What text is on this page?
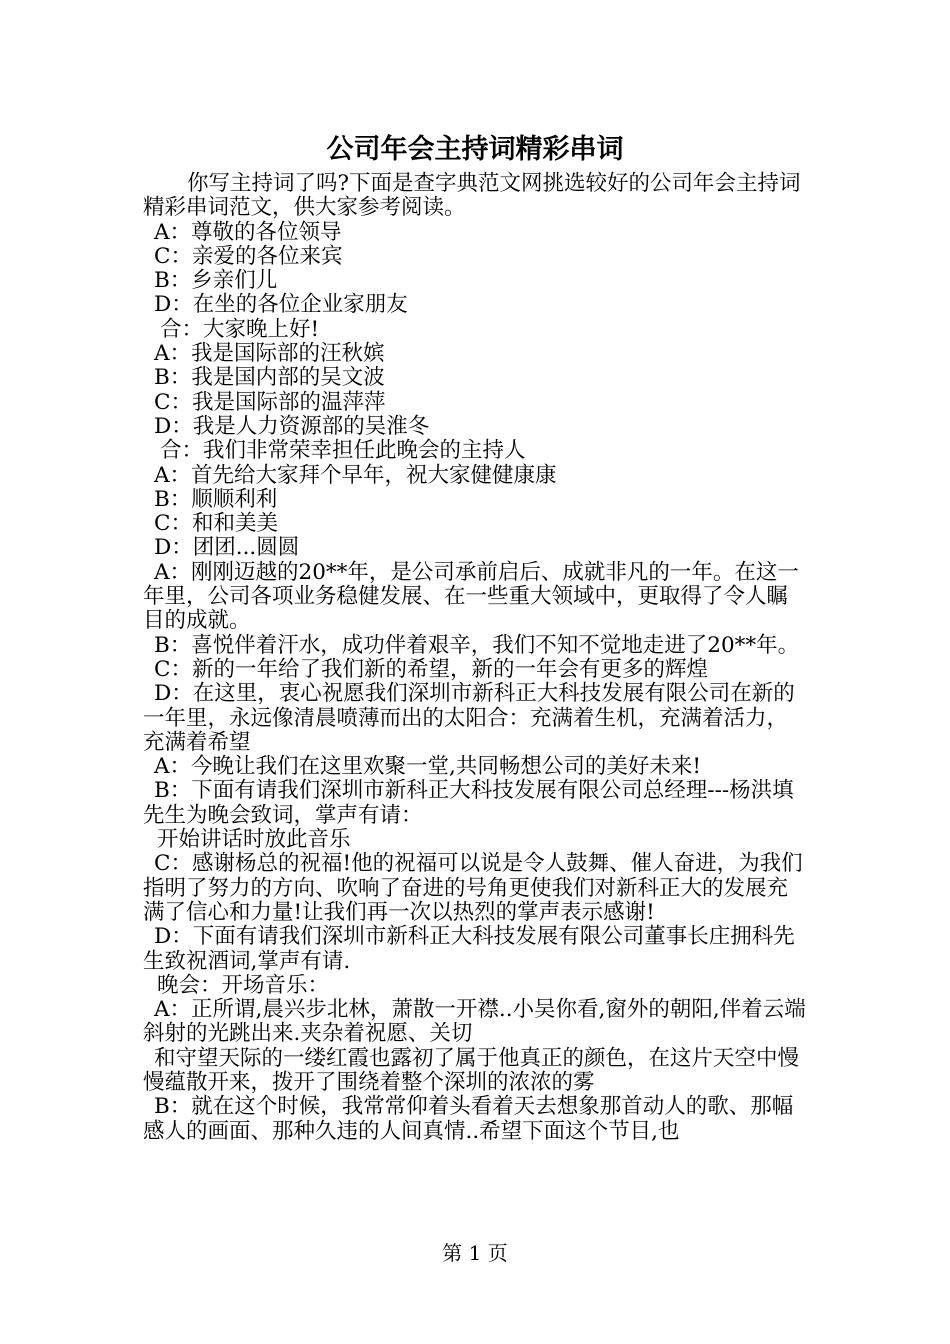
公司年会主持词精彩串词

你写主持词了吗?下面是查字典范文网挑选较好的公司年会主持词精彩串词范文，供大家参考阅读。

A：尊敬的各位领导

C：亲爱的各位来宾

B：乡亲们儿

D：在坐的各位企业家朋友

合：大家晚上好!

A：我是国际部的汪秋嫔

B：我是国内部的吴文波

C：我是国际部的温萍萍

D：我是人力资源部的吴淮冬

合：我们非常荣幸担任此晚会的主持人

A：首先给大家拜个早年，祝大家健健康康

B：顺顺利利

C：和和美美

D：团团...圆圆

A：刚刚迈越的20**年，是公司承前启后、成就非凡的一年。在这一年里，公司各项业务稳健发展、在一些重大领域中，更取得了令人瞩目的成就。

B：喜悦伴着汗水，成功伴着艰辛，我们不知不觉地走进了20**年。

C：新的一年给了我们新的希望，新的一年会有更多的辉煌

D：在这里，衷心祝愿我们深圳市新科正大科技发展有限公司在新的一年里，永远像清晨喷薄而出的太阳合：充满着生机，充满着活力，充满着希望

A：今晚让我们在这里欢聚一堂,共同畅想公司的美好未来!

B：下面有请我们深圳市新科正大科技发展有限公司总经理---杨洪填先生为晚会致词，掌声有请：

开始讲话时放此音乐

C：感谢杨总的祝福!他的祝福可以说是令人鼓舞、催人奋进，为我们指明了努力的方向、吹响了奋进的号角更使我们对新科正大的发展充满了信心和力量!让我们再一次以热烈的掌声表示感谢!

D：下面有请我们深圳市新科正大科技发展有限公司董事长庄拥科先生致祝酒词,掌声有请.

晚会：开场音乐：

A：正所谓,晨兴步北林，萧散一开襟..小吴你看,窗外的朝阳,伴着云端斜射的光跳出来.夹杂着祝愿、关切

和守望天际的一缕红霞也露初了属于他真正的颜色，在这片天空中慢慢蕴散开来，拨开了围绕着整个深圳的浓浓的雾

B：就在这个时候，我常常仰着头看着天去想象那首动人的歌、那幅感人的画面、那种久违的人间真情..希望下面这个节目,也

第 1 页
